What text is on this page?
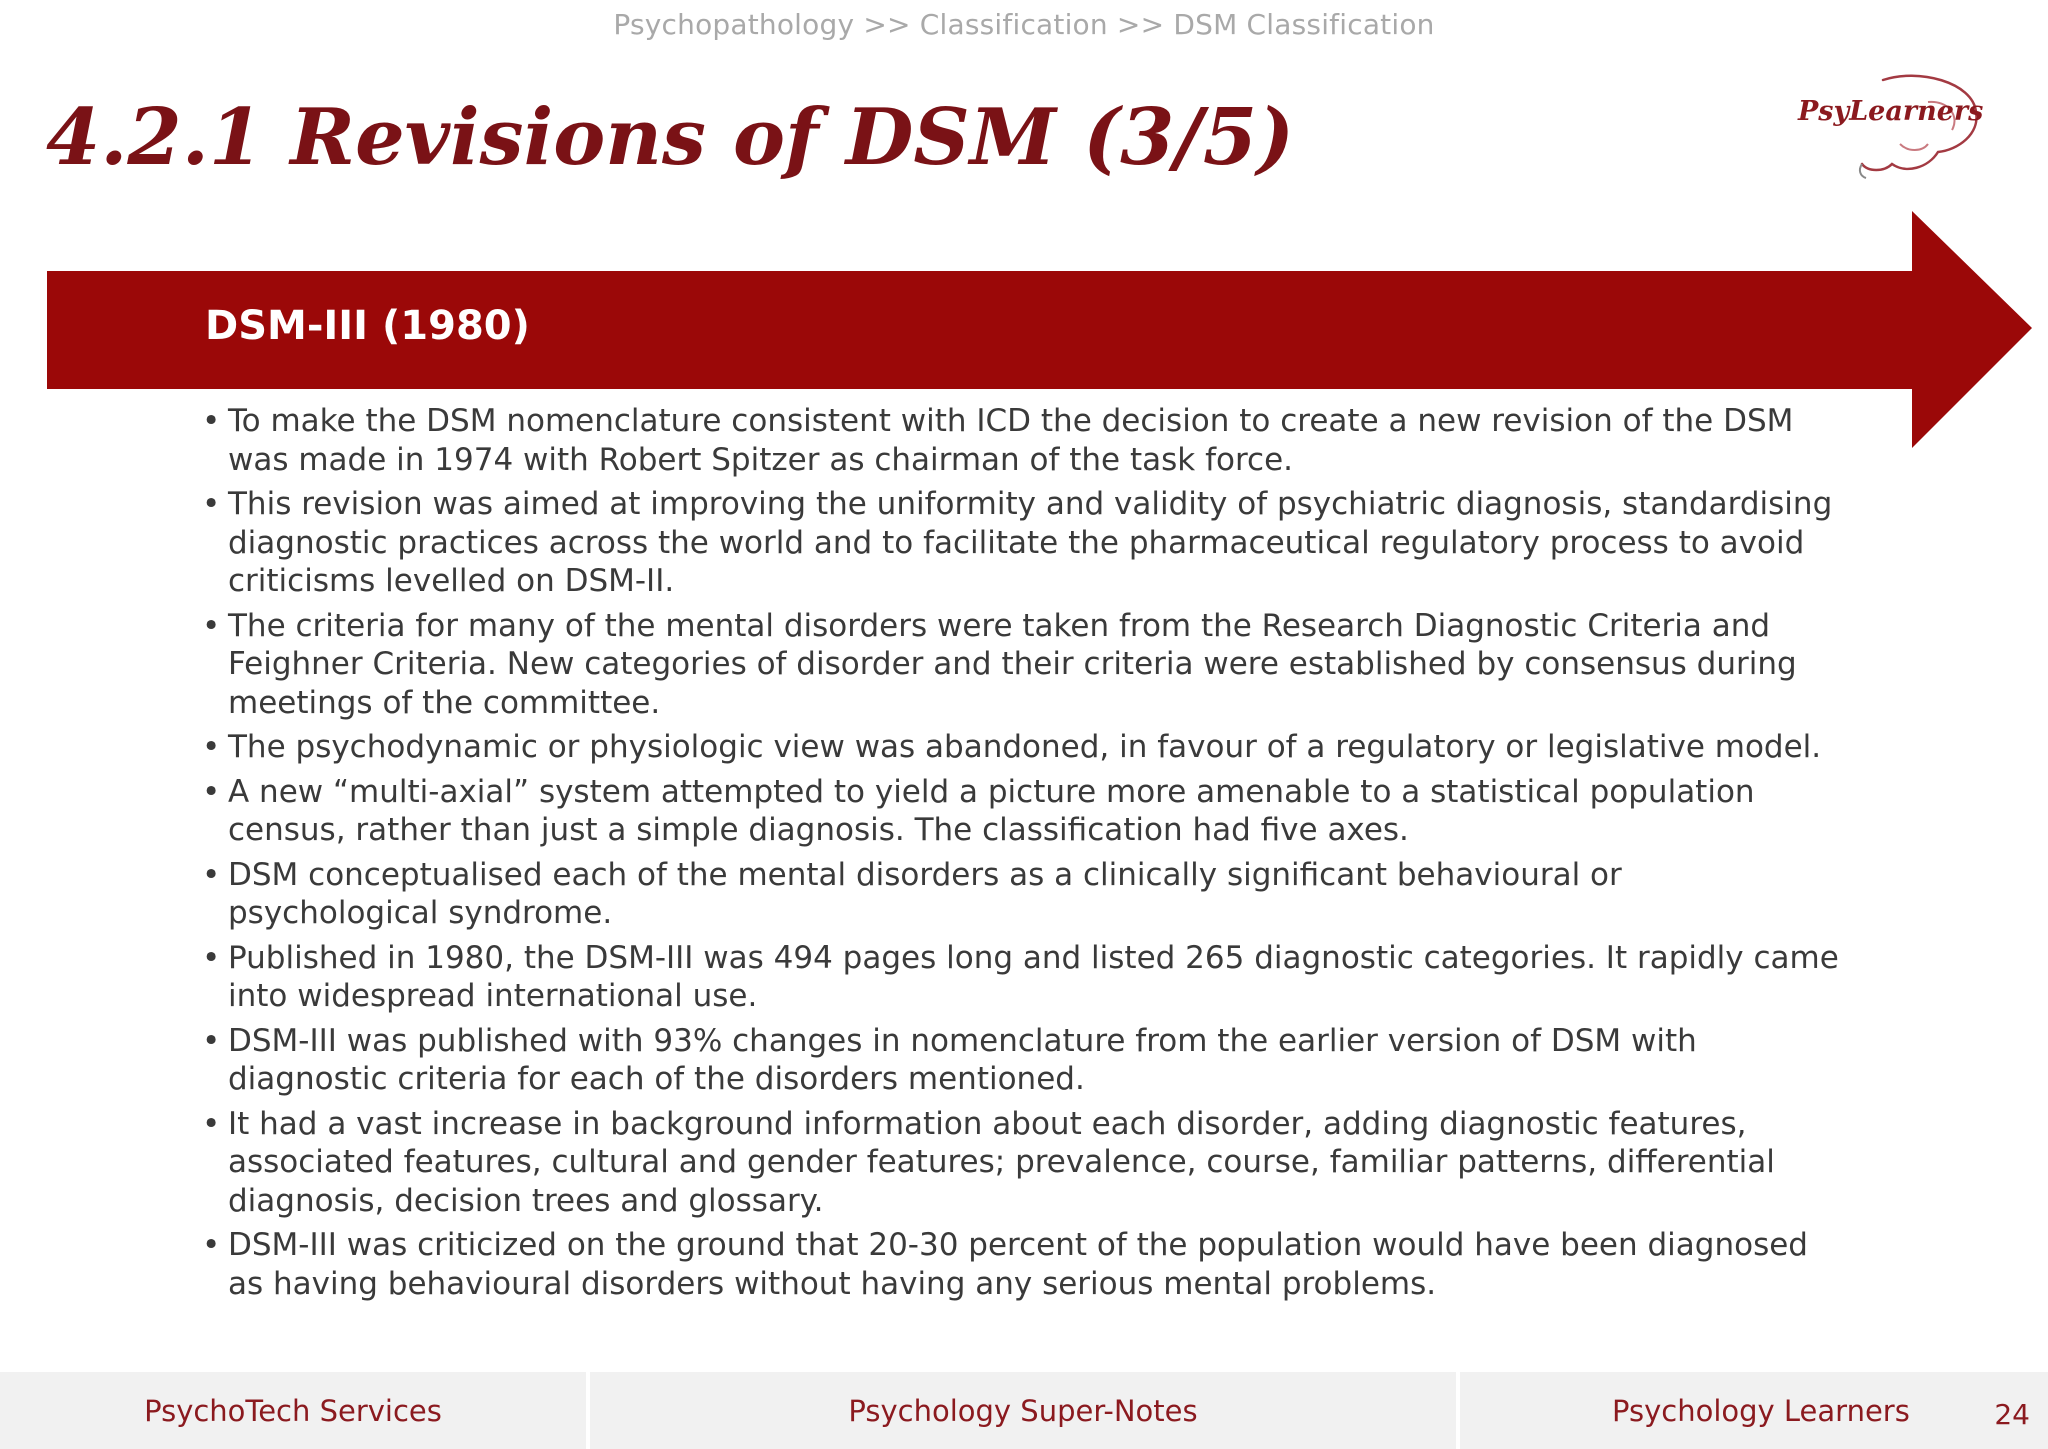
Psychopathology >> Classification >> DSM Classification
4.2.1 Revisions of DSM (3/5)	PsyLearners
DSM-III (1980)
• To make the DSM nomenclature consistent with ICD the decision to create a new revision of the DSM was made in 1974 with Robert Spitzer as chairman of the task force.
• This revision was aimed at improving the uniformity and validity of psychiatric diagnosis, standardising diagnostic practices across the world and to facilitate the pharmaceutical regulatory process to avoid criticisms levelled on DSM-II.
• The criteria for many of the mental disorders were taken from the Research Diagnostic Criteria and Feighner Criteria. New categories of disorder and their criteria were established by consensus during meetings of the committee.
• The psychodynamic or physiologic view was abandoned, in favour of a regulatory or legislative model.
• A new “multi-axial” system attempted to yield a picture more amenable to a statistical population census, rather than just a simple diagnosis. The classification had five axes.
• DSM conceptualised each of the mental disorders as a clinically significant behavioural or psychological syndrome.
• Published in 1980, the DSM-III was 494 pages long and listed 265 diagnostic categories. It rapidly came into widespread international use.
• DSM-III was published with 93% changes in nomenclature from the earlier version of DSM with diagnostic criteria for each of the disorders mentioned.
• It had a vast increase in background information about each disorder, adding diagnostic features, associated features, cultural and gender features; prevalence, course, familiar patterns, differential diagnosis, decision trees and glossary.
• DSM-III was criticized on the ground that 20-30 percent of the population would have been diagnosed as having behavioural disorders without having any serious mental problems.
PsychoTech Services	Psychology Super-Notes	Psychology Learners	24
